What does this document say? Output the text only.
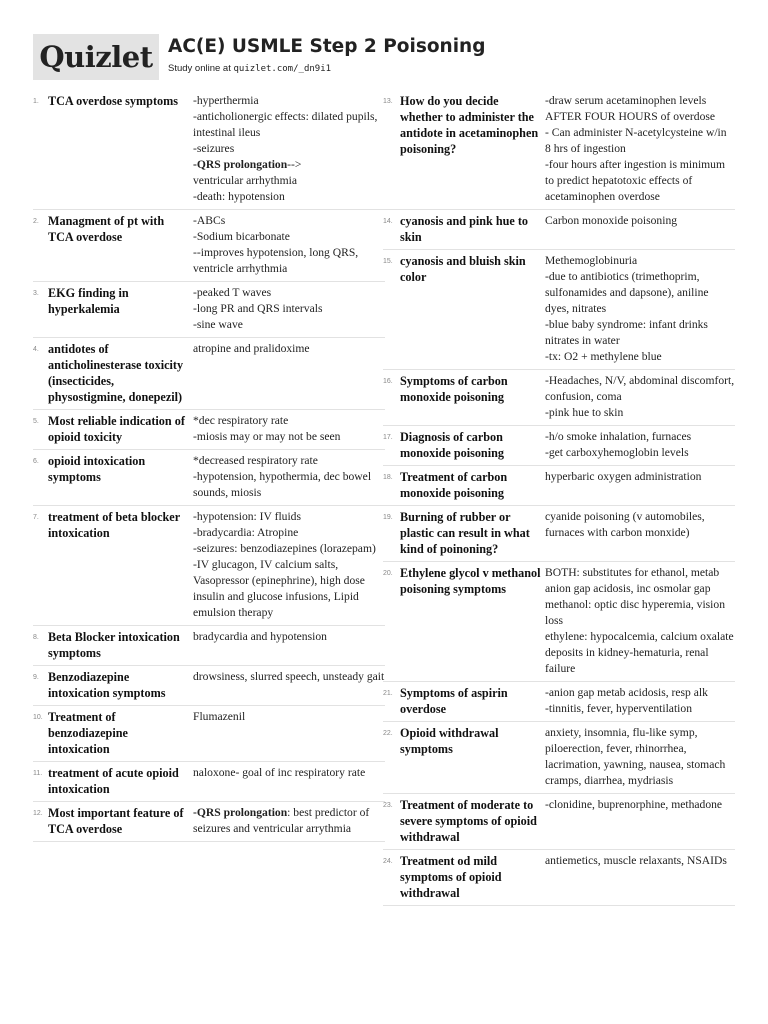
Quizlet AC(E) USMLE Step 2 Poisoning
Study online at quizlet.com/_dn9i1
1. TCA overdose symptoms	-hyperthermia
-anticholionergic effects: dilated pupils, intestinal ileus
-seizures
-QRS prolongation-->
ventricular arrhythmia
-death: hypotension
2. Managment of pt with TCA overdose
-ABCs
-Sodium bicarbonate
--improves hypotension, long QRS, ventricle arrhythmia
3. EKG finding in hyperkalemia
-peaked T waves
-long PR and QRS intervals
-sine wave
4. antidotes of anticholinesterase toxicity (insecticides, physostigmine, donepezil)
atropine and pralidoxime
5. Most reliable indication of opioid toxicity
*dec respiratory rate
-miosis may or may not be seen
6. opioid intoxication symptoms
*decreased respiratory rate
-hypotension, hypothermia, dec bowel sounds, miosis
7. treatment of beta blocker intoxication
-hypotension: IV fluids
-bradycardia: Atropine
-seizures: benzodiazepines (lorazepam)
-IV glucagon, IV calcium salts, Vasopressor (epinephrine), high dose insulin and glucose infusions, Lipid emulsion therapy
8. Beta Blocker intoxication symptoms
bradycardia and hypotension
9. Benzodiazepine intoxication symptoms
drowsiness, slurred speech, unsteady gait
10. Treatment of benzodiazepine intoxication
Flumazenil
11. treatment of acute opioid intoxication
naloxone- goal of inc respiratory rate
12. Most important feature of TCA overdose
-QRS prolongation: best predictor of seizures and ventricular arrythmia
13. How do you decide whether to administer the antidote in acetaminophen poisoning?
-draw serum acetaminophen levels AFTER FOUR HOURS of overdose
- Can administer N-acetylcysteine w/in 8 hrs of ingestion
-four hours after ingestion is minimum to predict hepatotoxic effects of acetaminophen overdose
14. cyanosis and pink hue to skin
Carbon monoxide poisoning
15. cyanosis and bluish skin color
Methemoglobinuria
-due to antibiotics (trimethoprim, sulfonamides and dapsone), aniline dyes, nitrates
-blue baby syndrome: infant drinks nitrates in water
-tx: O2 + methylene blue
16. Symptoms of carbon monoxide poisoning
-Headaches, N/V, abdominal discomfort, confusion, coma
-pink hue to skin
17. Diagnosis of carbon monoxide poisoning
-h/o smoke inhalation, furnaces
-get carboxyhemoglobin levels
18. Treatment of carbon monoxide poisoning
hyperbaric oxygen administration
19. Burning of rubber or plastic can result in what kind of poinoning?
cyanide poisoning (v automobiles, furnaces with carbon monxide)
20. Ethylene glycol v methanol poisoning symptoms
BOTH: substitutes for ethanol, metab anion gap acidosis, inc osmolar gap
methanol: optic disc hyperemia, vision loss
ethylene: hypocalcemia, calcium oxalate deposits in kidney-hematuria, renal failure
21. Symptoms of aspirin overdose
-anion gap metab acidosis, resp alk
-tinnitis, fever, hyperventilation
22. Opioid withdrawal symptoms
anxiety, insomnia, flu-like symp, piloerection, fever, rhinorrhea, lacrimation, yawning, nausea, stomach cramps, diarrhea, mydriasis
23. Treatment of moderate to severe symptoms of opioid withdrawal
-clonidine, buprenorphine, methadone
24. Treatment od mild symptoms of opioid withdrawal
antiemetics, muscle relaxants, NSAIDs
